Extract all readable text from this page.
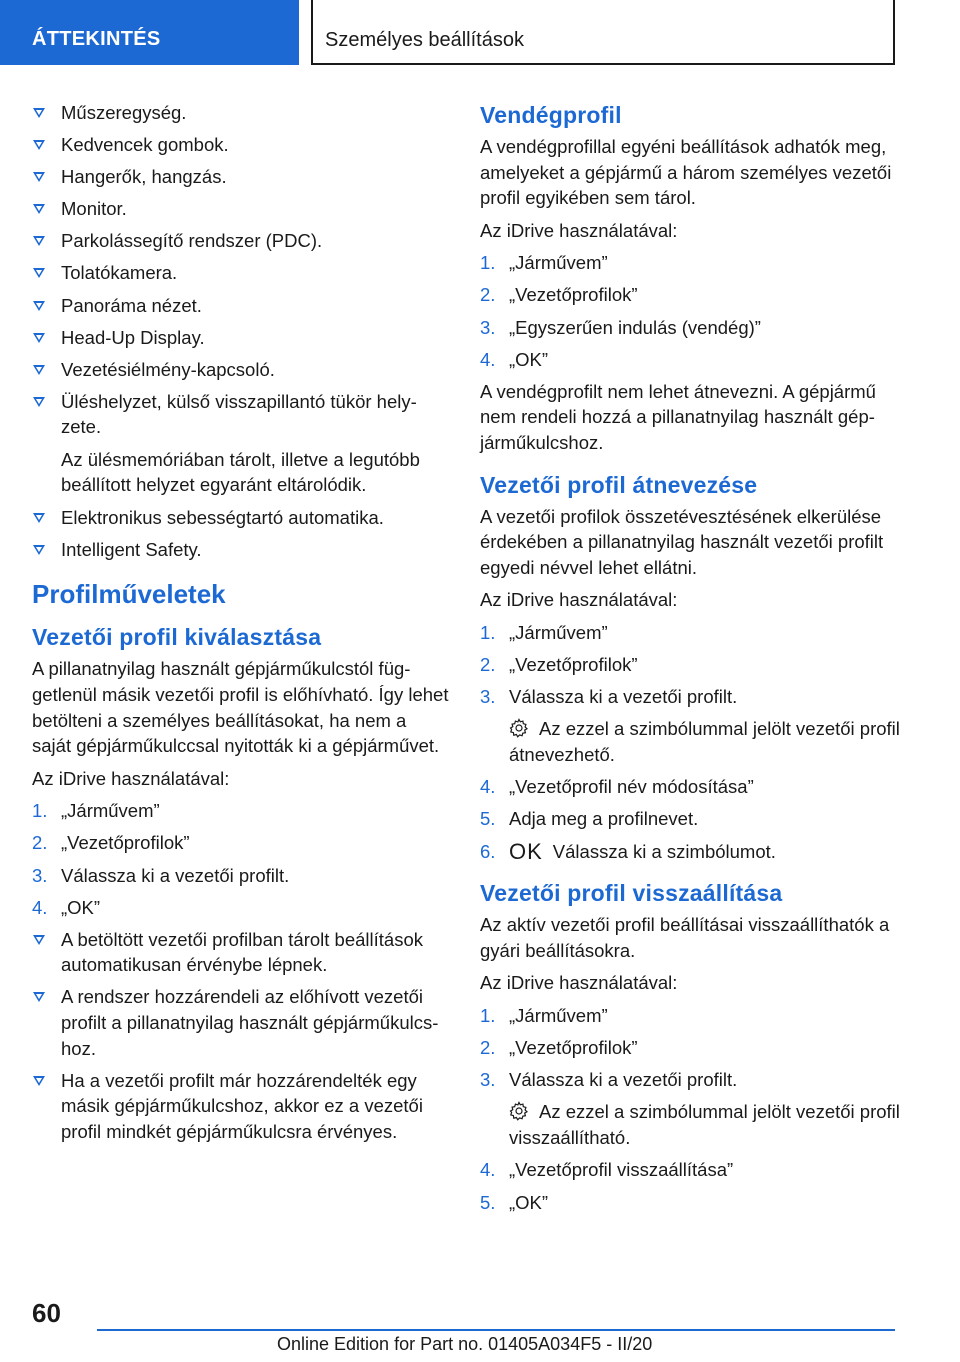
ÁTTEKINTÉS	Személyes beállítások
Műszeregység.
Kedvencek gombok.
Hangerők, hangzás.
Monitor.
Parkolássegítő rendszer (PDC).
Tolatókamera.
Panoráma nézet.
Head-Up Display.
Vezetésiélmény-kapcsoló.
Üléshelyzet, külső visszapillantó tükör helyzete.

Az ülésmemóriában tárolt, illetve a legutóbb beállított helyzet egyaránt eltárolódik.

Elektronikus sebességtartó automatika.
Intelligent Safety.
Profilműveletek
Vezetői profil kiválasztása

A pillanatnyilag használt gépjárműkulcstól függetlenül másik vezetői profil is előhívható. Így lehet betölteni a személyes beállításokat, ha nem a saját gépjárműkulccsal nyitották ki a gépjárművet.

Az iDrive használatával:

1. „Járművem”
2. „Vezetőprofilok”
3. Válassza ki a vezetői profilt.
4. „OK”
A betöltött vezetői profilban tárolt beállítások automatikusan érvénybe lépnek.
A rendszer hozzárendeli az előhívott vezetői profilt a pillanatnyilag használt gépjárműkulcshoz.
Ha a vezetői profilt már hozzárendelték egy másik gépjárműkulcshoz, akkor ez a vezetői profil mindkét gépjárműkulcsra érvényes.
Vendégprofil

A vendégprofillal egyéni beállítások adhatók meg, amelyeket a gépjármű a három személyes vezetői profil egyikében sem tárol.

Az iDrive használatával:

1. „Járművem”
2. „Vezetőprofilok”
3. „Egyszerűen indulás (vendég)”
4. „OK”

A vendégprofilt nem lehet átnevezni. A gépjármű nem rendeli hozzá a pillanatnyilag használt gépjárműkulcshoz.

Vezetői profil átnevezése

A vezetői profilok összetévesztésének elkerülése érdekében a pillanatnyilag használt vezetői profilt egyedi névvel lehet ellátni.

Az iDrive használatával:

1. „Járművem”
2. „Vezetőprofilok”
3. Válassza ki a vezetői profilt.

Az ezzel a szimbólummal jelölt vezetői profil átnevezhető.

4. „Vezetőprofil név módosítása”
5. Adja meg a profilnevet.
6. OK Válassza ki a szimbólumot.
Vezetői profil visszaállítása

Az aktív vezetői profil beállításai visszaállíthatók a gyári beállításokra.

Az iDrive használatával:

1. „Járművem”
2. „Vezetőprofilok”
3. Válassza ki a vezetői profilt.

Az ezzel a szimbólummal jelölt vezetői profil visszaállítható.

4. „Vezetőprofil visszaállítása”
5. „OK”
60
Online Edition for Part no. 01405A034F5 - II/20
